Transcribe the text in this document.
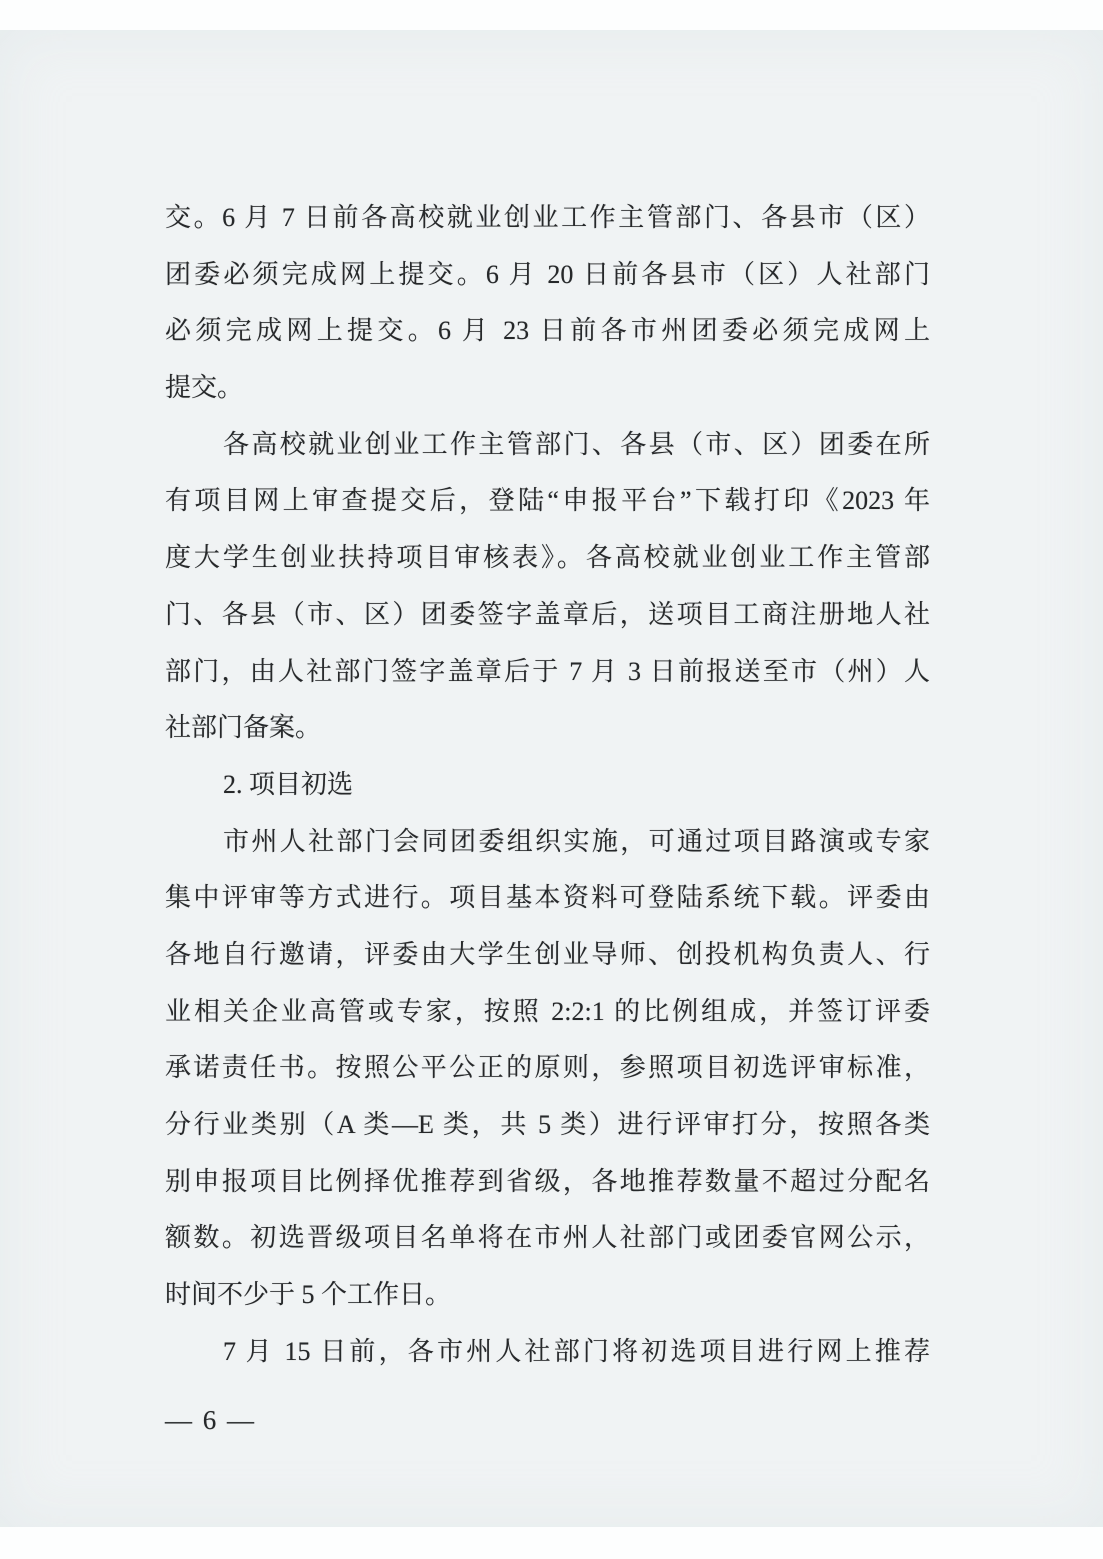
交。6 月 7 日前各高校就业创业工作主管部门、各县市（区）
团委必须完成网上提交。6 月 20 日前各县市（区）人社部门
必须完成网上提交。6 月 23 日前各市州团委必须完成网上
提交。
各高校就业创业工作主管部门、各县（市、区）团委在所
有项目网上审查提交后，登陆“申报平台”下载打印《2023 年
度大学生创业扶持项目审核表》。各高校就业创业工作主管部
门、各县（市、区）团委签字盖章后，送项目工商注册地人社
部门，由人社部门签字盖章后于 7 月 3 日前报送至市（州）人
社部门备案。
2. 项目初选
市州人社部门会同团委组织实施，可通过项目路演或专家
集中评审等方式进行。项目基本资料可登陆系统下载。评委由
各地自行邀请，评委由大学生创业导师、创投机构负责人、行
业相关企业高管或专家，按照 2:2:1 的比例组成，并签订评委
承诺责任书。按照公平公正的原则，参照项目初选评审标准，
分行业类别（A 类—E 类，共 5 类）进行评审打分，按照各类
别申报项目比例择优推荐到省级，各地推荐数量不超过分配名
额数。初选晋级项目名单将在市州人社部门或团委官网公示，
时间不少于 5 个工作日。
7 月 15 日前，各市州人社部门将初选项目进行网上推荐
— 6 —
